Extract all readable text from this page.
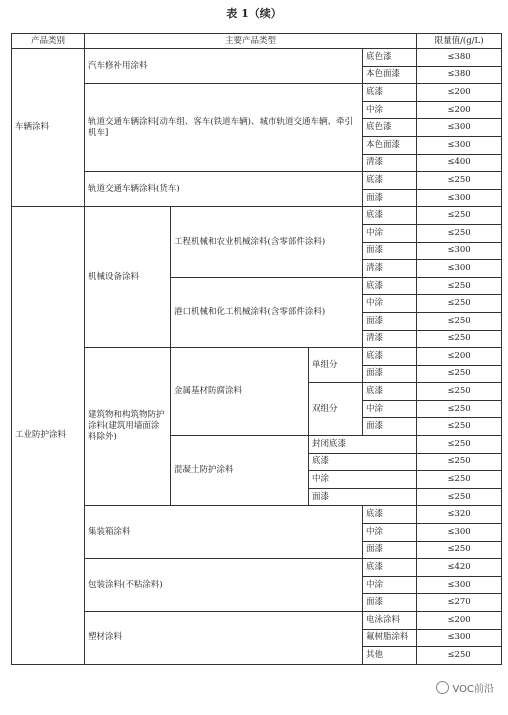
表 1（续）
产品类别	主要产品类型				限量值/(g/L)
车辆涂料	汽车修补用涂料			底色漆	≤380
				本色面漆	≤380
	轨道交通车辆涂料[动车组、客车(铁道车辆)、城市轨道交通车辆、牵引机车]			底漆	≤200
				中涂	≤200
				底色漆	≤300
				本色面漆	≤300
				清漆	≤400
	轨道交通车辆涂料(货车)			底漆	≤250
				面漆	≤300
工业防护涂料	机械设备涂料	工程机械和农业机械涂料(含零部件涂料)		底漆	≤250
				中涂	≤250
				面漆	≤300
				清漆	≤300
		港口机械和化工机械涂料(含零部件涂料)		底漆	≤250
				中涂	≤250
				面漆	≤250
				清漆	≤250
	建筑物和构筑物防护涂料(建筑用墙面涂料除外)	金属基材防腐涂料	单组分	底漆	≤200
				面漆	≤250
			双组分	底漆	≤250
				中涂	≤250
				面漆	≤250
		混凝土防护涂料	封闭底漆		≤250
			底漆		≤250
			中涂		≤250
			面漆		≤250
	集装箱涂料			底漆	≤320
				中涂	≤300
				面漆	≤250
	包装涂料(不粘涂料)			底漆	≤420
				中涂	≤300
				面漆	≤270
	塑材涂料			电泳涂料	≤200
				氟树脂涂料	≤300
				其他	≤250
VOC前沿
